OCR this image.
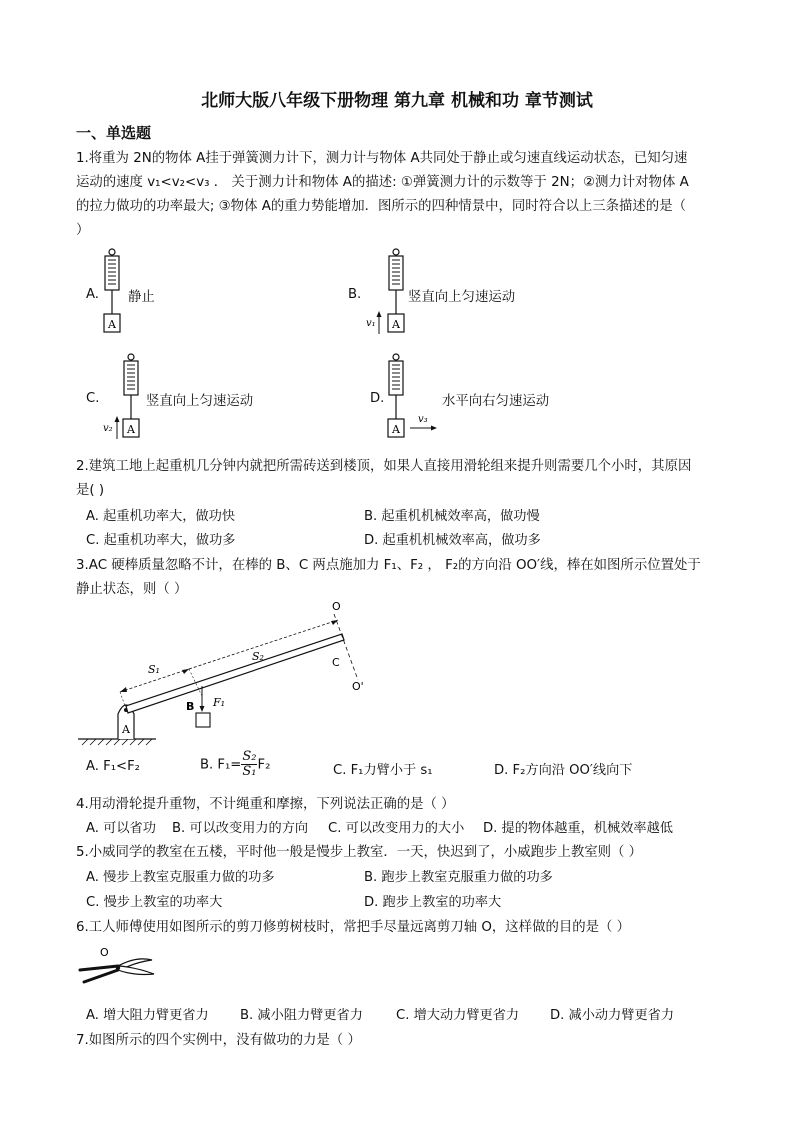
北师大版八年级下册物理 第九章 机械和功 章节测试
一、单选题
1.将重为 2N的物体 A挂于弹簧测力计下，测力计与物体 A共同处于静止或匀速直线运动状态，已知匀速
运动的速度 v₁<v₂<v₃ ． 关于测力计和物体 A的描述: ①弹簧测力计的示数等于 2N；②测力计对物体 A
的拉力做功的功率最大; ③物体 A的重力势能增加．图所示的四种情景中，同时符合以上三条描述的是（
）
A. 静止	B.	竖直向上匀速运动
C.	竖直向上匀速运动	D.	水平向右匀速运动
A	A
v₁
A
v₂	A
v₃
2.建筑工地上起重机几分钟内就把所需砖送到楼顶，如果人直接用滑轮组来提升则需要几个小时，其原因
是( )
A. 起重机功率大，做功快	B. 起重机机械效率高，做功慢
C. 起重机功率大，做功多	D. 起重机机械效率高，做功多
3.AC 硬棒质量忽略不计，在棒的 B、C 两点施加力 F₁、F₂ ， F₂的方向沿 OO′线，棒在如图所示位置处于
静止状态，则（ ）
S₁
S₂
O
O'
C
F₁
B
A
A. F₁<F₂	B. $F_1= \frac{\text{S₂}}{\text{S₁}} F_2$	C. F₁力臂小于 s₁	D. F₂方向沿 OO′线向下
4.用动滑轮提升重物，不计绳重和摩擦，下列说法正确的是（ ）
A. 可以省功 B. 可以改变用力的方向 C. 可以改变用力的大小 D. 提的物体越重，机械效率越低
5.小威同学的教室在五楼，平时他一般是慢步上教室．一天，快迟到了，小威跑步上教室则（ ）
A. 慢步上教室克服重力做的功多	B. 跑步上教室克服重力做的功多
C. 慢步上教室的功率大	D. 跑步上教室的功率大
6.工人师傅使用如图所示的剪刀修剪树枝时，常把手尽量远离剪刀轴 O，这样做的目的是（ ）
O
A. 增大阻力臂更省力 B. 减小阻力臂更省力	C. 增大动力臂更省力 D. 减小动力臂更省力
7.如图所示的四个实例中，没有做功的力是（ ）
